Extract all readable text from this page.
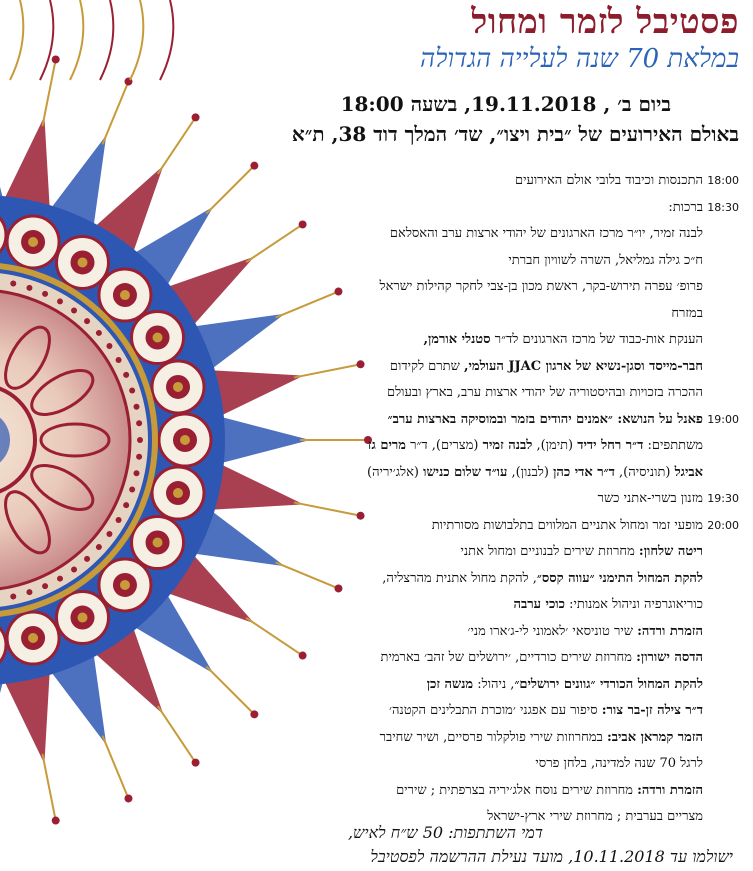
פסטיבל לזמר ומחול
במלאת 70 שנה לעלייה הגדולה
ביום ב׳ , 19.11.2018, בשעה 18:00
באולם האירועים של ״בית ויצו״, שד׳ המלך דוד 38, ת״א
18:00
התכנסות וכיבוד בלובי אולם האירועים
18:30
ברכות:
לבנה זמיר, יו״ר מרכז הארגונים של יהודי ארצות ערב והאסלאם
ח״כ גילה גמליאל, השרה לשוויון חברתי
פרופ׳ עפרה תירוש-בקר, ראשת מכון בן-צבי לחקר קהילות ישראל
במזרח
הענקת אות-כבוד של מרכז הארגונים לד״ר סטנלי אורמן,
חבר-מייסד וסגן-נשיא של ארגון JJAC העולמי, שתרם לקידום
ההכרה בזכויות ובהיסטוריה של יהודי ארצות ערב, בארץ ובעולם
19:00
פאנל על הנושא: ״אמנים יהודים בזמר ובמוסיקה בארצות ערב״
משתתפים: ד״ר רחל ידיד (תימן), לבנה זמיר (מצרים), ד״ר מרים גז
אביגל (תוניסיה), ד״ר אדי כהן (לבנון), עו״ד שלום כנישו (אלג׳יריה)
19:30
מזנון בשרי-אתני כשר
20:00
מופעי זמר ומחול אתניים המלווים בתלבושות מסורתיות
ריטה שלחון: מחרוזת שירים לבנוניים ומחול אתני
להקת המחול התימני ״עווה קסס״, להקת מחול אתנית מהרצליה,
כוריאוגרפיה וניהול אמנותי: כוכי ערבה
הזמרת ורדה: שיר טוניסאי ׳לאמוני לי-ג׳ארו מני׳
הדסה ישורון: מחרוזת שירים כורדיים, ׳ירושלים של זהב׳ בארמית
להקת המחול הכורדי ״גוונים ירושלים״, ניהול: מנשה זכן
ד״ר צילה זן-בר צור: סיפור עם אפגני ׳מוכרת התבלינים הקטנה׳
הזמר קמראן אביב: במחרוזות שירי פולקלור פרסיים, ושיר שחיבר
לרגל 70 שנה למדינה, בלחן פרסי
הזמרת ורדה: מחרוזת שירים נוסח אלג׳יריה בצרפתית ; שירים
מצריים בערבית ; מחרוזת שירי ארץ-ישראל
דמי השתתפות: 50 ש״ח לאיש,
ישולמו עד 10.11.2018, מועד נעילת ההרשמה לפסטיבל
